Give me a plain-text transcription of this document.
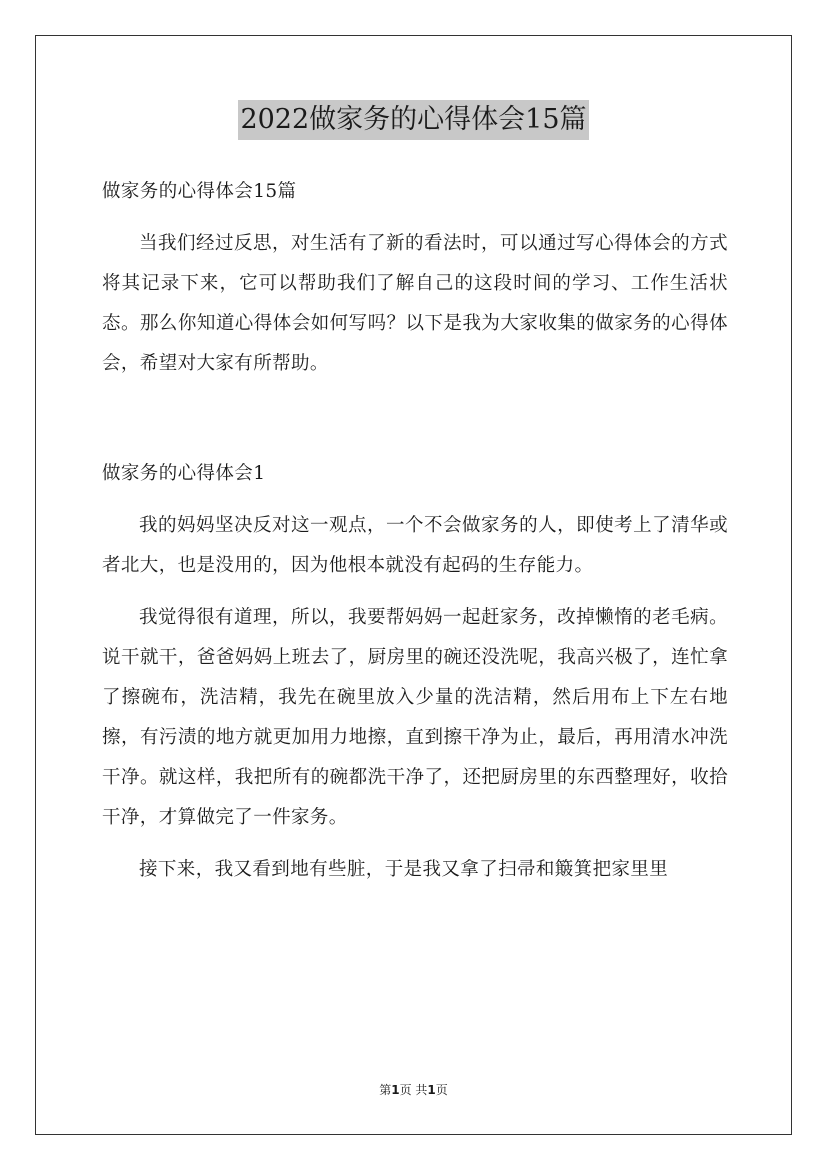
2022做家务的心得体会15篇
做家务的心得体会15篇

当我们经过反思，对生活有了新的看法时，可以通过写心得体会的方式将其记录下来，它可以帮助我们了解自己的这段时间的学习、工作生活状态。那么你知道心得体会如何写吗？以下是我为大家收集的做家务的心得体会，希望对大家有所帮助。

做家务的心得体会1

我的妈妈坚决反对这一观点，一个不会做家务的人，即使考上了清华或者北大，也是没用的，因为他根本就没有起码的生存能力。

我觉得很有道理，所以，我要帮妈妈一起赶家务，改掉懒惰的老毛病。说干就干，爸爸妈妈上班去了，厨房里的碗还没洗呢，我高兴极了，连忙拿了擦碗布，洗洁精，我先在碗里放入少量的洗洁精，然后用布上下左右地擦，有污渍的地方就更加用力地擦，直到擦干净为止，最后，再用清水冲洗干净。就这样，我把所有的碗都洗干净了，还把厨房里的东西整理好，收拾干净，才算做完了一件家务。

接下来，我又看到地有些脏，于是我又拿了扫帚和簸箕把家里里

第1页 共1页
